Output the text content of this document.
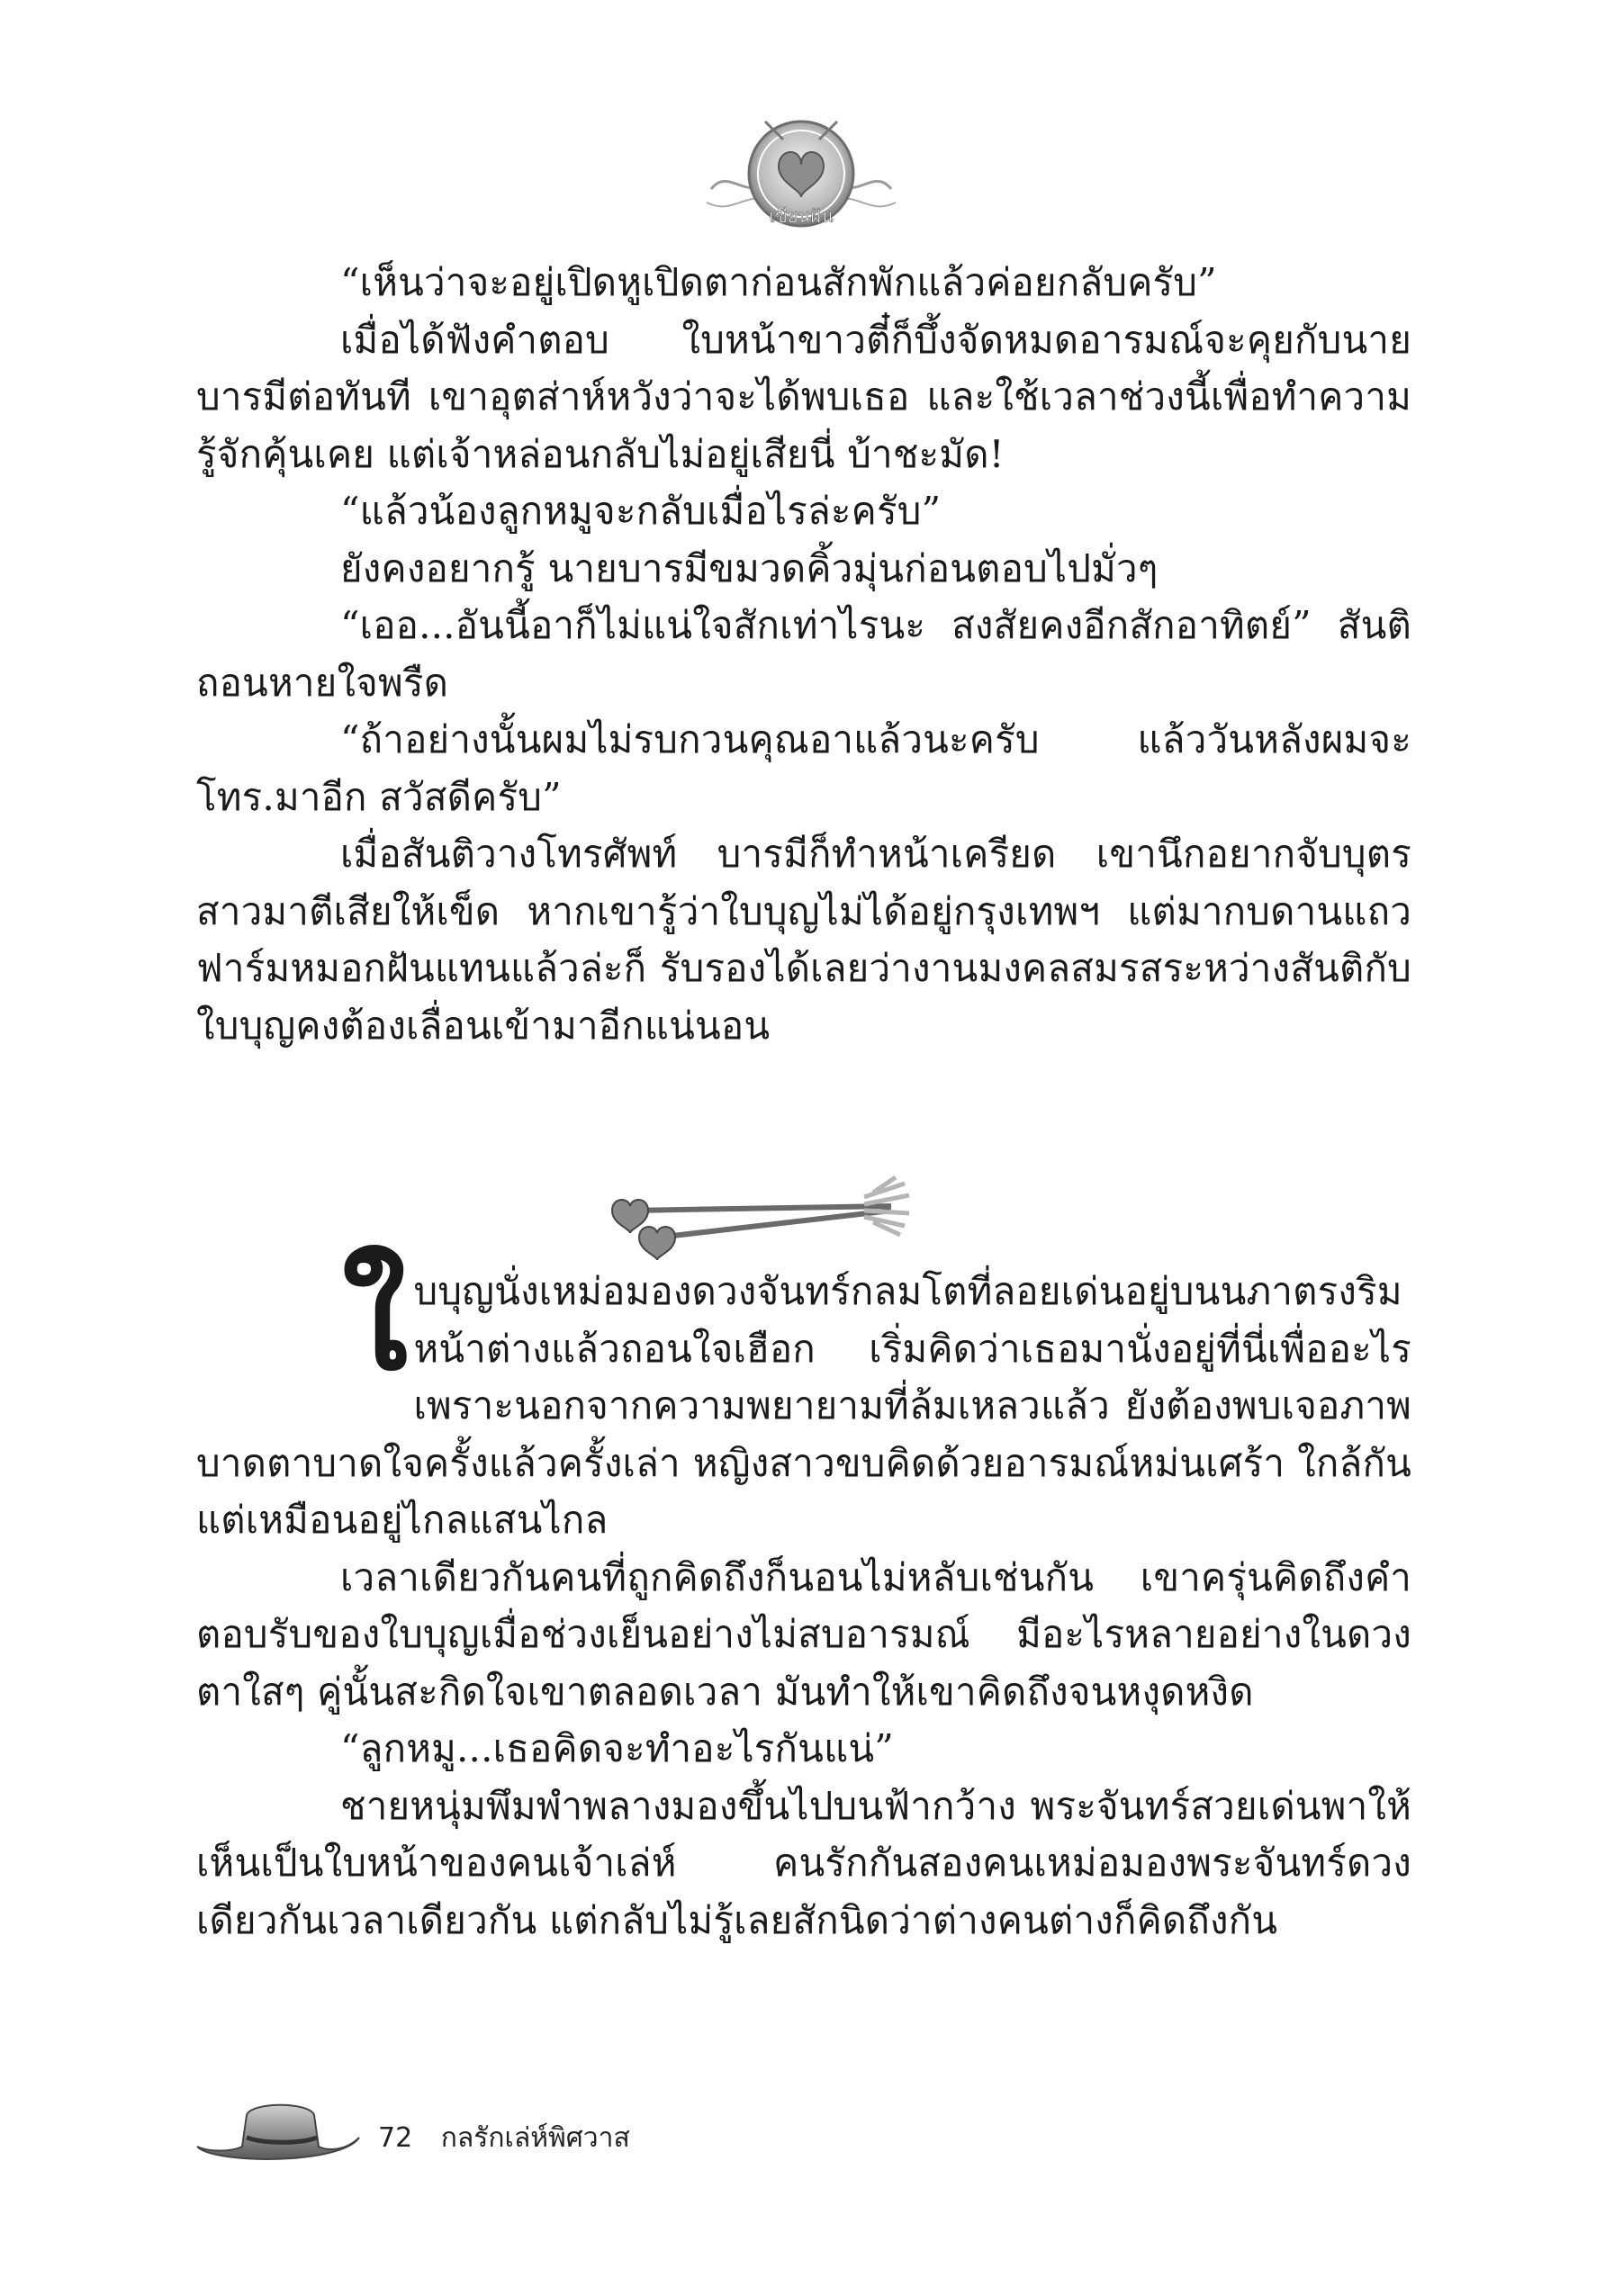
เขียนฝัน

“เห็นว่าจะอยู่เปิดหูเปิดตาก่อนสักพักแล้วค่อยกลับครับ”

เมื่อได้ฟังคำตอบ ใบหน้าขาวตี๋ก็บึ้งจัดหมดอารมณ์จะคุยกับนายบารมีต่อทันที เขาอุตส่าห์หวังว่าจะได้พบเธอ และใช้เวลาช่วงนี้เพื่อทำความรู้จักคุ้นเคย แต่เจ้าหล่อนกลับไม่อยู่เสียนี่ บ้าชะมัด!

“แล้วน้องลูกหมูจะกลับเมื่อไรล่ะครับ”

ยังคงอยากรู้ นายบารมีขมวดคิ้วมุ่นก่อนตอบไปมั่วๆ

“เออ...อันนี้อาก็ไม่แน่ใจสักเท่าไรนะ สงสัยคงอีกสักอาทิตย์” สันติถอนหายใจพรืด

“ถ้าอย่างนั้นผมไม่รบกวนคุณอาแล้วนะครับ แล้ววันหลังผมจะโทร.มาอีก สวัสดีครับ”

เมื่อสันติวางโทรศัพท์ บารมีก็ทำหน้าเครียด เขานึกอยากจับบุตรสาวมาตีเสียให้เข็ด หากเขารู้ว่าใบบุญไม่ได้อยู่กรุงเทพฯ แต่มากบดานแถวฟาร์มหมอกฝันแทนแล้วล่ะก็ รับรองได้เลยว่างานมงคลสมรสระหว่างสันติกับใบบุญคงต้องเลื่อนเข้ามาอีกแน่นอน

ใบบุญนั่งเหม่อมองดวงจันทร์กลมโตที่ลอยเด่นอยู่บนนภาตรงริมหน้าต่างแล้วถอนใจเฮือก เริ่มคิดว่าเธอมานั่งอยู่ที่นี่เพื่ออะไร เพราะนอกจากความพยายามที่ล้มเหลวแล้ว ยังต้องพบเจอภาพบาดตาบาดใจครั้งแล้วครั้งเล่า หญิงสาวขบคิดด้วยอารมณ์หม่นเศร้า ใกล้กันแต่เหมือนอยู่ไกลแสนไกล

เวลาเดียวกันคนที่ถูกคิดถึงก็นอนไม่หลับเช่นกัน เขาครุ่นคิดถึงคำตอบรับของใบบุญเมื่อช่วงเย็นอย่างไม่สบอารมณ์ มีอะไรหลายอย่างในดวงตาใสๆ คู่นั้นสะกิดใจเขาตลอดเวลา มันทำให้เขาคิดถึงจนหงุดหงิด

“ลูกหมู...เธอคิดจะทำอะไรกันแน่”

ชายหนุ่มพึมพำพลางมองขึ้นไปบนฟ้ากว้าง พระจันทร์สวยเด่นพาให้เห็นเป็นใบหน้าของคนเจ้าเล่ห์ คนรักกันสองคนเหม่อมองพระจันทร์ดวงเดียวกันเวลาเดียวกัน แต่กลับไม่รู้เลยสักนิดว่าต่างคนต่างก็คิดถึงกัน

72 กลรักเล่ห์พิศวาส
